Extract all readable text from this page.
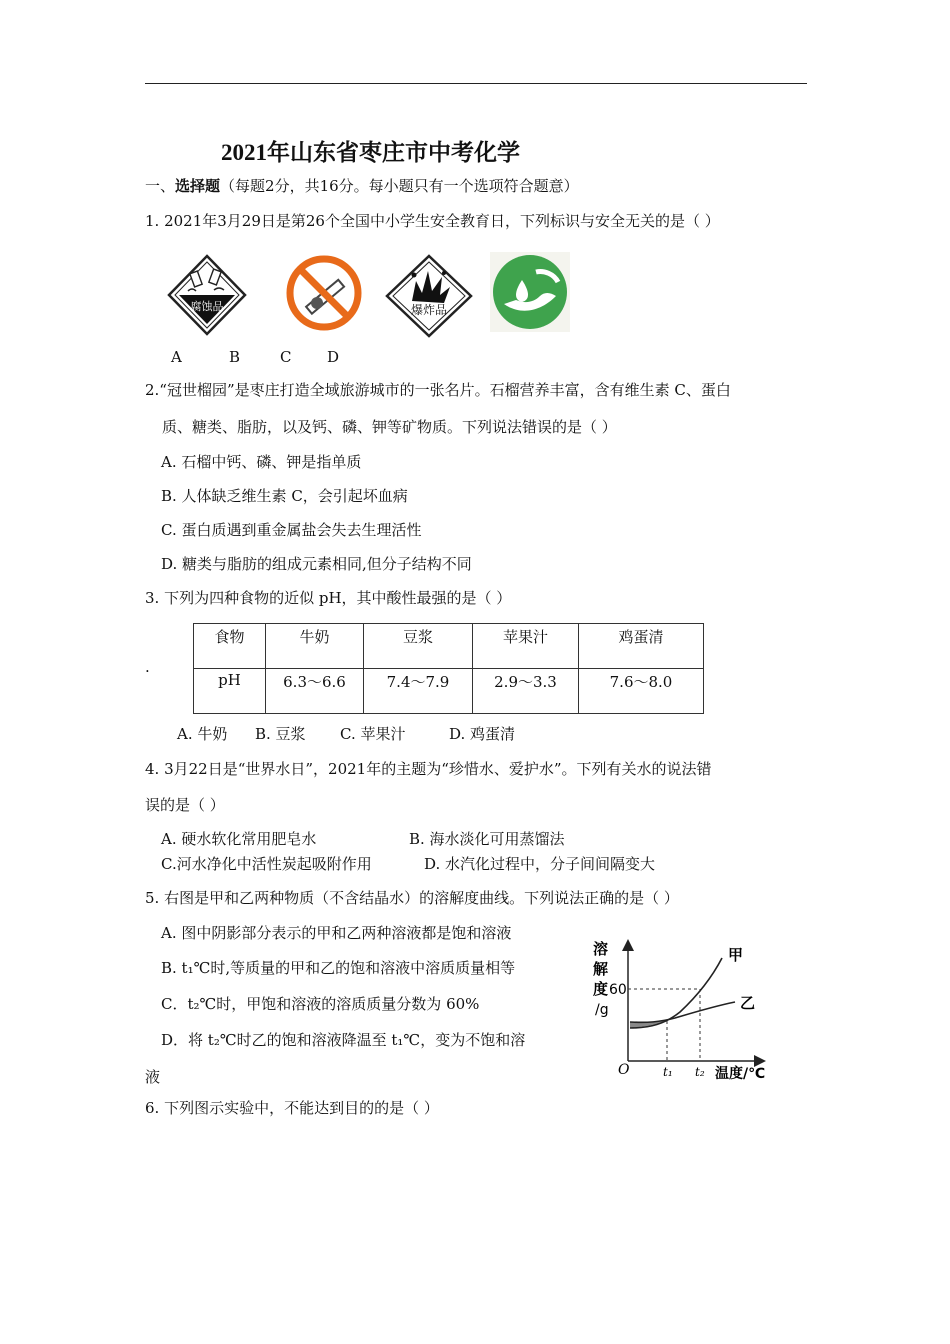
2021年山东省枣庄市中考化学
一、选择题（每题2分，共16分。每小题只有一个选项符合题意）
1. 2021年3月29日是第26个全国中小学生安全教育日，下列标识与安全无关的是（ ）
腐蚀品	爆炸品
A	B	C D
2.“冠世榴园”是枣庄打造全域旅游城市的一张名片。石榴营养丰富，含有维生素 C、蛋白
质、糖类、脂肪，以及钙、磷、钾等矿物质。下列说法错误的是（ ）
A. 石榴中钙、磷、钾是指单质
B. 人体缺乏维生素 C，会引起坏血病
C. 蛋白质遇到重金属盐会失去生理活性
D. 糖类与脂肪的组成元素相同,但分子结构不同
3. 下列为四种食物的近似 pH，其中酸性最强的是（ ）
.
食物	牛奶	豆浆	苹果汁	鸡蛋清
pH	6.3～6.6	7.4～7.9	2.9～3.3	7.6～8.0
A. 牛奶 B. 豆浆 C. 苹果汁	D. 鸡蛋清
4. 3月22日是“世界水日”，2021年的主题为“珍惜水、爱护水”。下列有关水的说法错
误的是（ ）
A. 硬水软化常用肥皂水	B. 海水淡化可用蒸馏法
C.河水净化中活性炭起吸附作用	D. 水汽化过程中，分子间间隔变大
5. 右图是甲和乙两种物质（不含结晶水）的溶解度曲线。下列说法正确的是（ ）
A. 图中阴影部分表示的甲和乙两种溶液都是饱和溶液
B. t₁℃时,等质量的甲和乙的饱和溶液中溶质质量相等
C．t₂℃时，甲饱和溶液的溶质质量分数为 60%
D．将 t₂℃时乙的饱和溶液降温至 t₁℃，变为不饱和溶
液
溶
解
度
/g
60
O	t₁ t₂ 温度/℃
甲
乙
6. 下列图示实验中，不能达到目的的是（ ）
